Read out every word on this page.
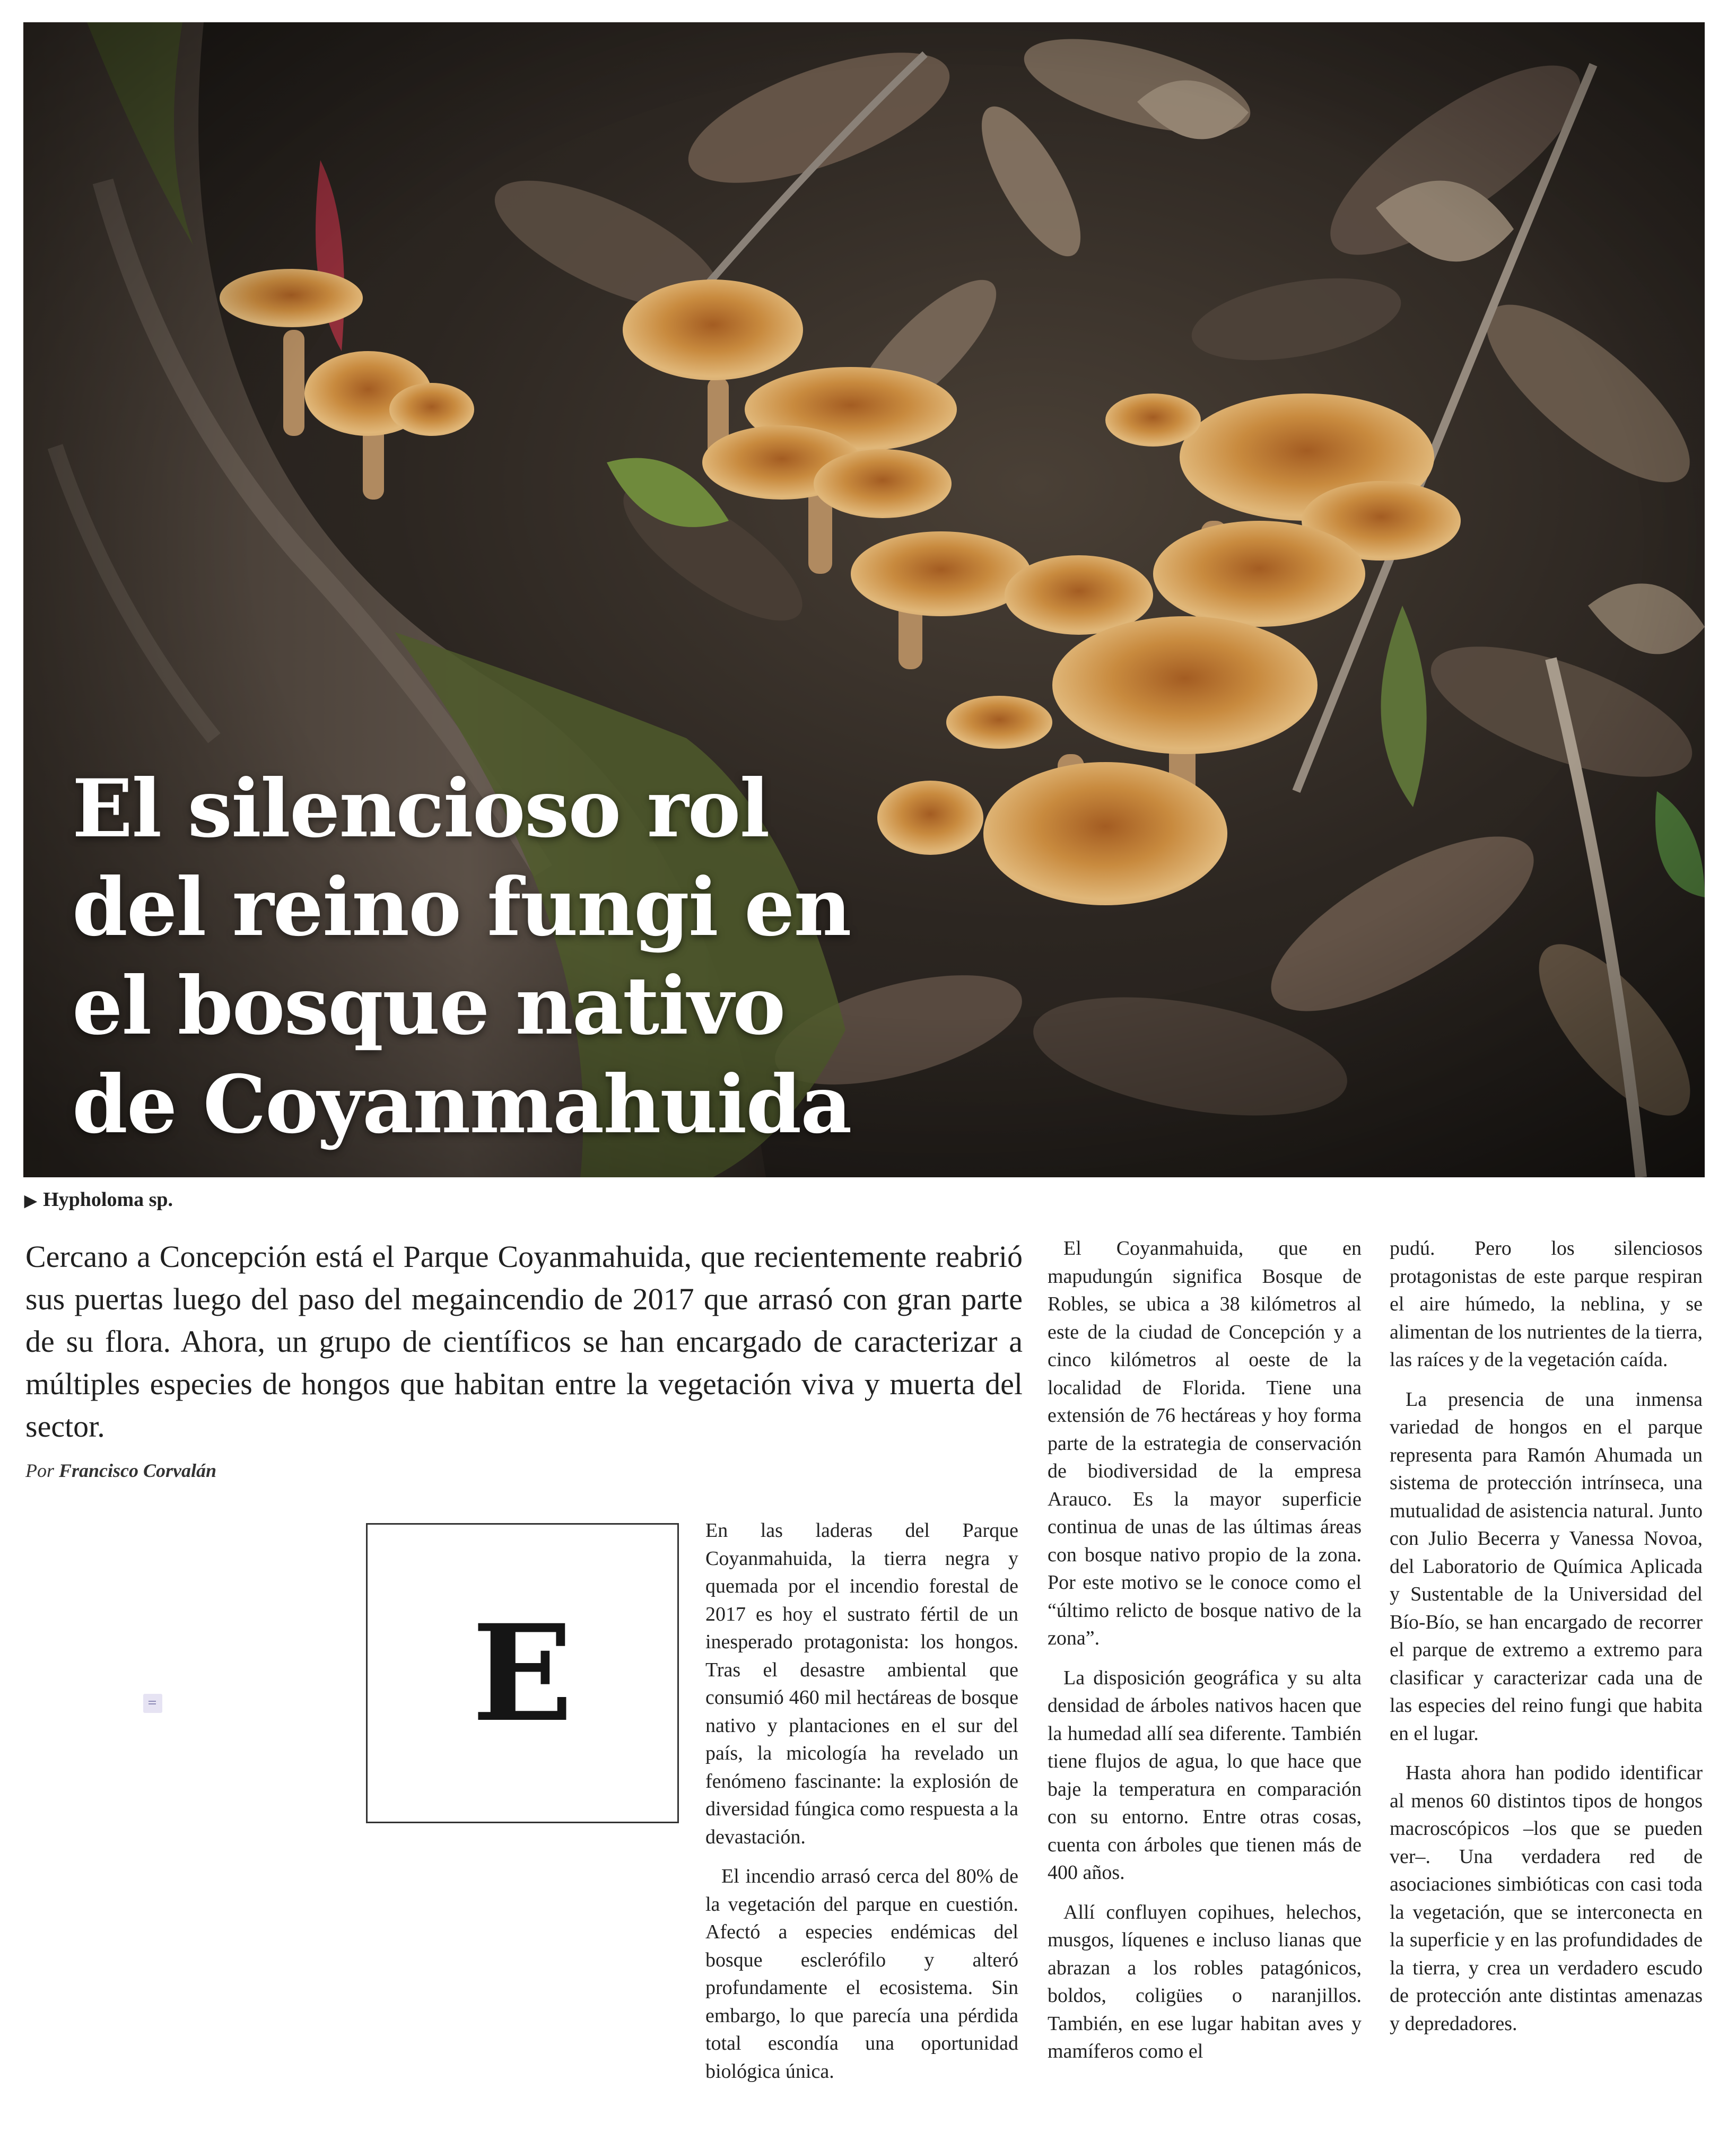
El silencioso rol
del reino fungi en
el bosque nativo
de Coyanmahuida
▶ Hypholoma sp.

Cercano a Concepción está el Parque Coyanmahuida, que recientemente reabrió sus puertas luego del paso del megaincendio de 2017 que arrasó con gran parte de su flora. Ahora, un grupo de científicos se han encargado de caracterizar a múltiples especies de hongos que habitan entre la vegetación viva y muerta del sector.

Por Francisco Corvalán
E

En las laderas del Parque Coyanmahuida, la tierra negra y quemada por el incendio forestal de 2017 es hoy el sustrato fértil de un inesperado protagonista: los hongos. Tras el desastre ambiental que consumió 460 mil hectáreas de bosque nativo y plantaciones en el sur del país, la micología ha revelado un fenómeno fascinante: la explosión de diversidad fúngica como respuesta a la devastación.

El incendio arrasó cerca del 80% de la vegetación del parque en cuestión. Afectó a especies endémicas del bosque esclerófilo y alteró profundamente el ecosistema. Sin embargo, lo que parecía una pérdida total escondía una oportunidad biológica única.

El Coyanmahuida, que en mapudungún significa Bosque de Robles, se ubica a 38 kilómetros al este de la ciudad de Concepción y a cinco kilómetros al oeste de la localidad de Florida. Tiene una extensión de 76 hectáreas y hoy forma parte de la estrategia de conservación de biodiversidad de la empresa Arauco. Es la mayor superficie continua de unas de las últimas áreas con bosque nativo propio de la zona. Por este motivo se le conoce como el “último relicto de bosque nativo de la zona”.

La disposición geográfica y su alta densidad de árboles nativos hacen que la humedad allí sea diferente. También tiene flujos de agua, lo que hace que baje la temperatura en comparación con su entorno. Entre otras cosas, cuenta con árboles que tienen más de 400 años.

Allí confluyen copihues, helechos, musgos, líquenes e incluso lianas que abrazan a los robles patagónicos, boldos, coligües o naranjillos. También, en ese lugar habitan aves y mamíferos como el

pudú. Pero los silenciosos protagonistas de este parque respiran el aire húmedo, la neblina, y se alimentan de los nutrientes de la tierra, las raíces y de la vegetación caída.

La presencia de una inmensa variedad de hongos en el parque representa para Ramón Ahumada un sistema de protección intrínseca, una mutualidad de asistencia natural. Junto con Julio Becerra y Vanessa Novoa, del Laboratorio de Química Aplicada y Sustentable de la Universidad del Bío-Bío, se han encargado de recorrer el parque de extremo a extremo para clasificar y caracterizar cada una de las especies del reino fungi que habita en el lugar.

Hasta ahora han podido identificar al menos 60 distintos tipos de hongos macroscópicos –los que se pueden ver–. Una verdadera red de asociaciones simbióticas con casi toda la vegetación, que se interconecta en la superficie y en las profundidades de la tierra, y crea un verdadero escudo de protección ante distintas amenazas y depredadores.
